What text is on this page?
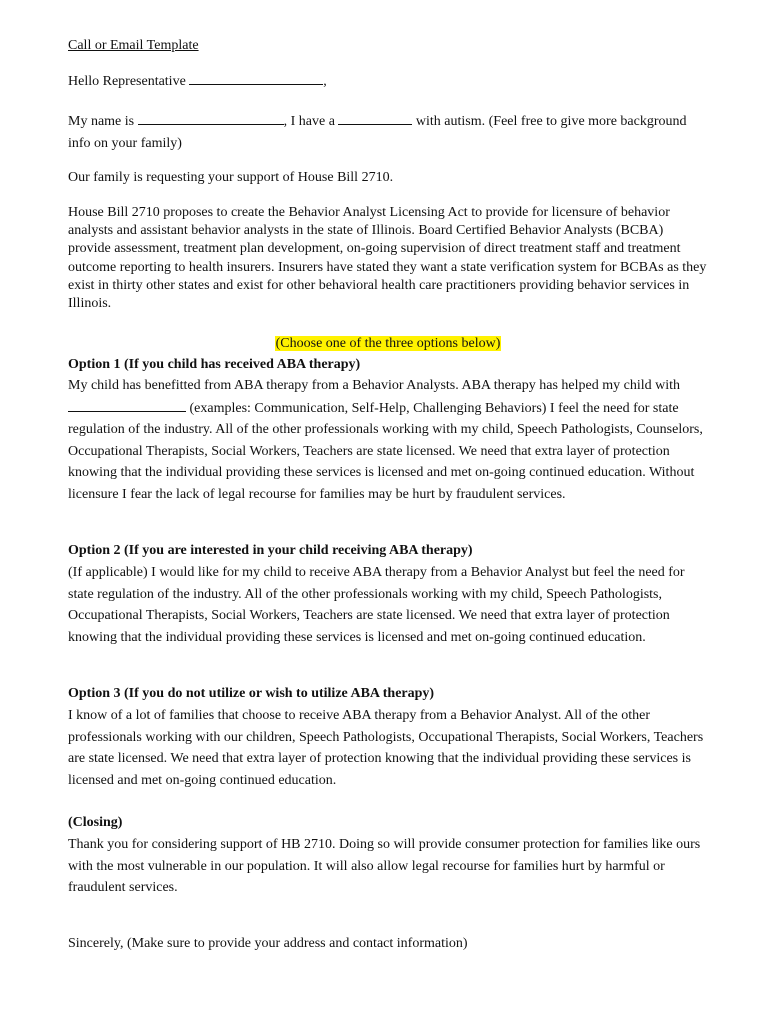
Call or Email Template

Hello Representative	,

My name is	, I have a	with autism. (Feel free to give more background info on your family)

Our family is requesting your support of House Bill 2710.

House Bill 2710 proposes to create the Behavior Analyst Licensing Act to provide for licensure of behavior analysts and assistant behavior analysts in the state of Illinois. Board Certified Behavior Analysts (BCBA) provide assessment, treatment plan development, on-going supervision of direct treatment staff and treatment outcome reporting to health insurers. Insurers have stated they want a state verification system for BCBAs as they exist in thirty other states and exist for other behavioral health care practitioners providing behavior services in Illinois.

(Choose one of the three options below)

Option 1 (If you child has received ABA therapy)

My child has benefitted from ABA therapy from a Behavior Analysts. ABA therapy has helped my child with  (examples: Communication, Self-Help, Challenging Behaviors) I feel the need for state regulation of the industry. All of the other professionals working with my child, Speech Pathologists, Counselors, Occupational Therapists, Social Workers, Teachers are state licensed. We need that extra layer of protection knowing that the individual providing these services is licensed and met on-going continued education. Without licensure I fear the lack of legal recourse for families may be hurt by fraudulent services.

Option 2 (If you are interested in your child receiving ABA therapy)

(If applicable) I would like for my child to receive ABA therapy from a Behavior Analyst but feel the need for state regulation of the industry. All of the other professionals working with my child, Speech Pathologists, Occupational Therapists, Social Workers, Teachers are state licensed. We need that extra layer of protection knowing that the individual providing these services is licensed and met on-going continued education.

Option 3 (If you do not utilize or wish to utilize ABA therapy)

I know of a lot of families that choose to receive ABA therapy from a Behavior Analyst. All of the other professionals working with our children, Speech Pathologists, Occupational Therapists, Social Workers, Teachers are state licensed. We need that extra layer of protection knowing that the individual providing these services is licensed and met on-going continued education.

(Closing)

Thank you for considering support of HB 2710. Doing so will provide consumer protection for families like ours with the most vulnerable in our population. It will also allow legal recourse for families hurt by harmful or fraudulent services.

Sincerely, (Make sure to provide your address and contact information)
